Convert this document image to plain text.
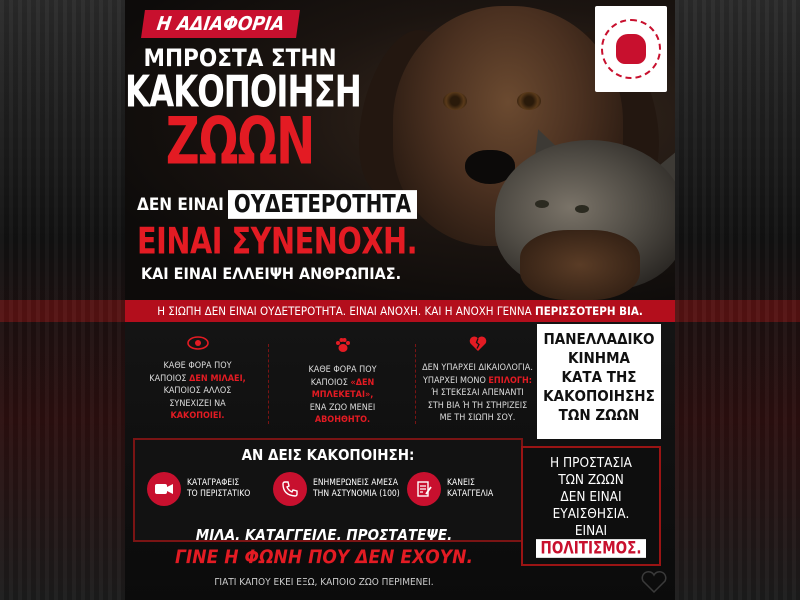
Η ΑΔΙΑΦΟΡΙΑ
ΜΠΡΟΣΤΑ ΣΤΗΝ
ΚΑΚΟΠΟΙΗΣΗ
ΖΩΩΝ
ΔΕΝ ΕΙΝΑΙ ΟΥΔΕΤΕΡΟΤΗΤΑ
ΕΙΝΑΙ ΣΥΝΕΝΟΧΗ.
ΚΑΙ ΕΙΝΑΙ ΕΛΛΕΙΨΗ ΑΝΘΡΩΠΙΑΣ.
Η ΣΙΩΠΗ ΔΕΝ ΕΙΝΑΙ ΟΥΔΕΤΕΡΟΤΗΤΑ. ΕΙΝΑΙ ΑΝΟΧΗ. ΚΑΙ Η ΑΝΟΧΗ ΓΕΝΝΑ ΠΕΡΙΣΣΟΤΕΡΗ ΒΙΑ.
ΚΑΘΕ ΦΟΡΑ ΠΟΥ
ΚΑΠΟΙΟΣ ΔΕΝ ΜΙΛΑΕΙ,
ΚΑΠΟΙΟΣ ΑΛΛΟΣ
ΣΥΝΕΧΙΖΕΙ ΝΑ
ΚΑΚΟΠΟΙΕΙ.
ΚΑΘΕ ΦΟΡΑ ΠΟΥ
ΚΑΠΟΙΟΣ «ΔΕΝ ΜΠΛΕΚΕΤΑΙ»,
ΕΝΑ ΖΩΟ ΜΕΝΕΙ
ΑΒΟΗΘΗΤΟ.
ΔΕΝ ΥΠΑΡΧΕΙ ΔΙΚΑΙΟΛΟΓΙΑ.
ΥΠΑΡΧΕΙ ΜΟΝΟ ΕΠΙΛΟΓΗ:
Ή ΣΤΕΚΕΣΑΙ ΑΠΕΝΑΝΤΙ
ΣΤΗ ΒΙΑ Ή ΤΗ ΣΤΗΡΙΖΕΙΣ
ΜΕ ΤΗ ΣΙΩΠΗ ΣΟΥ.
ΠΑΝΕΛΛΑΔΙΚΟ
ΚΙΝΗΜΑ
ΚΑΤΑ ΤΗΣ
ΚΑΚΟΠΟΙΗΣΗΣ
ΤΩΝ ΖΩΩΝ
ΑΝ ΔΕΙΣ ΚΑΚΟΠΟΙΗΣΗ:
ΚΑΤΑΓΡΑΦΕΙΣ
ΤΟ ΠΕΡΙΣΤΑΤΙΚΟ
ΕΝΗΜΕΡΩΝΕΙΣ ΑΜΕΣΑ
ΤΗΝ ΑΣΤΥΝΟΜΙΑ (100)
ΚΑΝΕΙΣ
ΚΑΤΑΓΓΕΛΙΑ
Η ΠΡΟΣΤΑΣΙΑ
ΤΩΝ ΖΩΩΝ
ΔΕΝ ΕΙΝΑΙ
ΕΥΑΙΣΘΗΣΙΑ.
ΕΙΝΑΙ
ΠΟΛΙΤΙΣΜΟΣ.
ΜΙΛΑ. ΚΑΤΑΓΓΕΙΛΕ. ΠΡΟΣΤΑΤΕΨΕ.
ΓΙΝΕ Η ΦΩΝΗ ΠΟΥ ΔΕΝ ΕΧΟΥΝ.
ΓΙΑΤΙ ΚΑΠΟΥ ΕΚΕΙ ΕΞΩ, ΚΑΠΟΙΟ ΖΩΟ ΠΕΡΙΜΕΝΕΙ.
